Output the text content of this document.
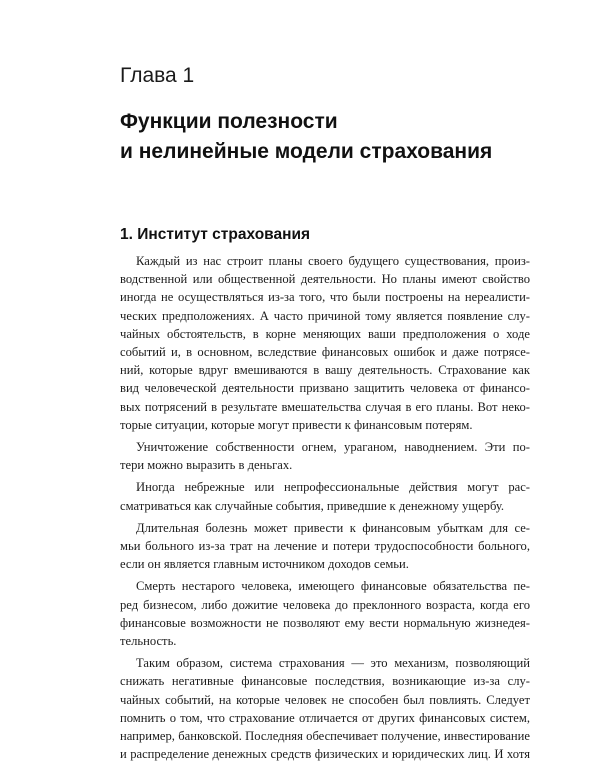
Глава 1
Функции полезности
и нелинейные модели страхования
1. Институт страхования
Каждый из нас строит планы своего будущего существования, произ-
водственной или общественной деятельности. Но планы имеют свойство
иногда не осуществляться из-за того, что были построены на нереалисти-
ческих предположениях. А часто причиной тому является появление слу-
чайных обстоятельств, в корне меняющих ваши предположения о ходе
событий и, в основном, вследствие финансовых ошибок и даже потрясе-
ний, которые вдруг вмешиваются в вашу деятельность. Страхование как
вид человеческой деятельности призвано защитить человека от финансо-
вых потрясений в результате вмешательства случая в его планы. Вот неко-
торые ситуации, которые могут привести к финансовым потерям.
Уничтожение собственности огнем, ураганом, наводнением. Эти по-
тери можно выразить в деньгах.
Иногда небрежные или непрофессиональные действия могут рас-
сматриваться как случайные события, приведшие к денежному ущербу.
Длительная болезнь может привести к финансовым убыткам для се-
мьи больного из-за трат на лечение и потери трудоспособности больного,
если он является главным источником доходов семьи.
Смерть нестарого человека, имеющего финансовые обязательства пе-
ред бизнесом, либо дожитие человека до преклонного возраста, когда его
финансовые возможности не позволяют ему вести нормальную жизнедея-
тельность.
Таким образом, система страхования — это механизм, позволяющий
снижать негативные финансовые последствия, возникающие из-за слу-
чайных событий, на которые человек не способен был повлиять. Следует
помнить о том, что страхование отличается от других финансовых систем,
например, банковской. Последняя обеспечивает получение, инвестирование
и распределение денежных средств физических и юридических лиц. И хотя
